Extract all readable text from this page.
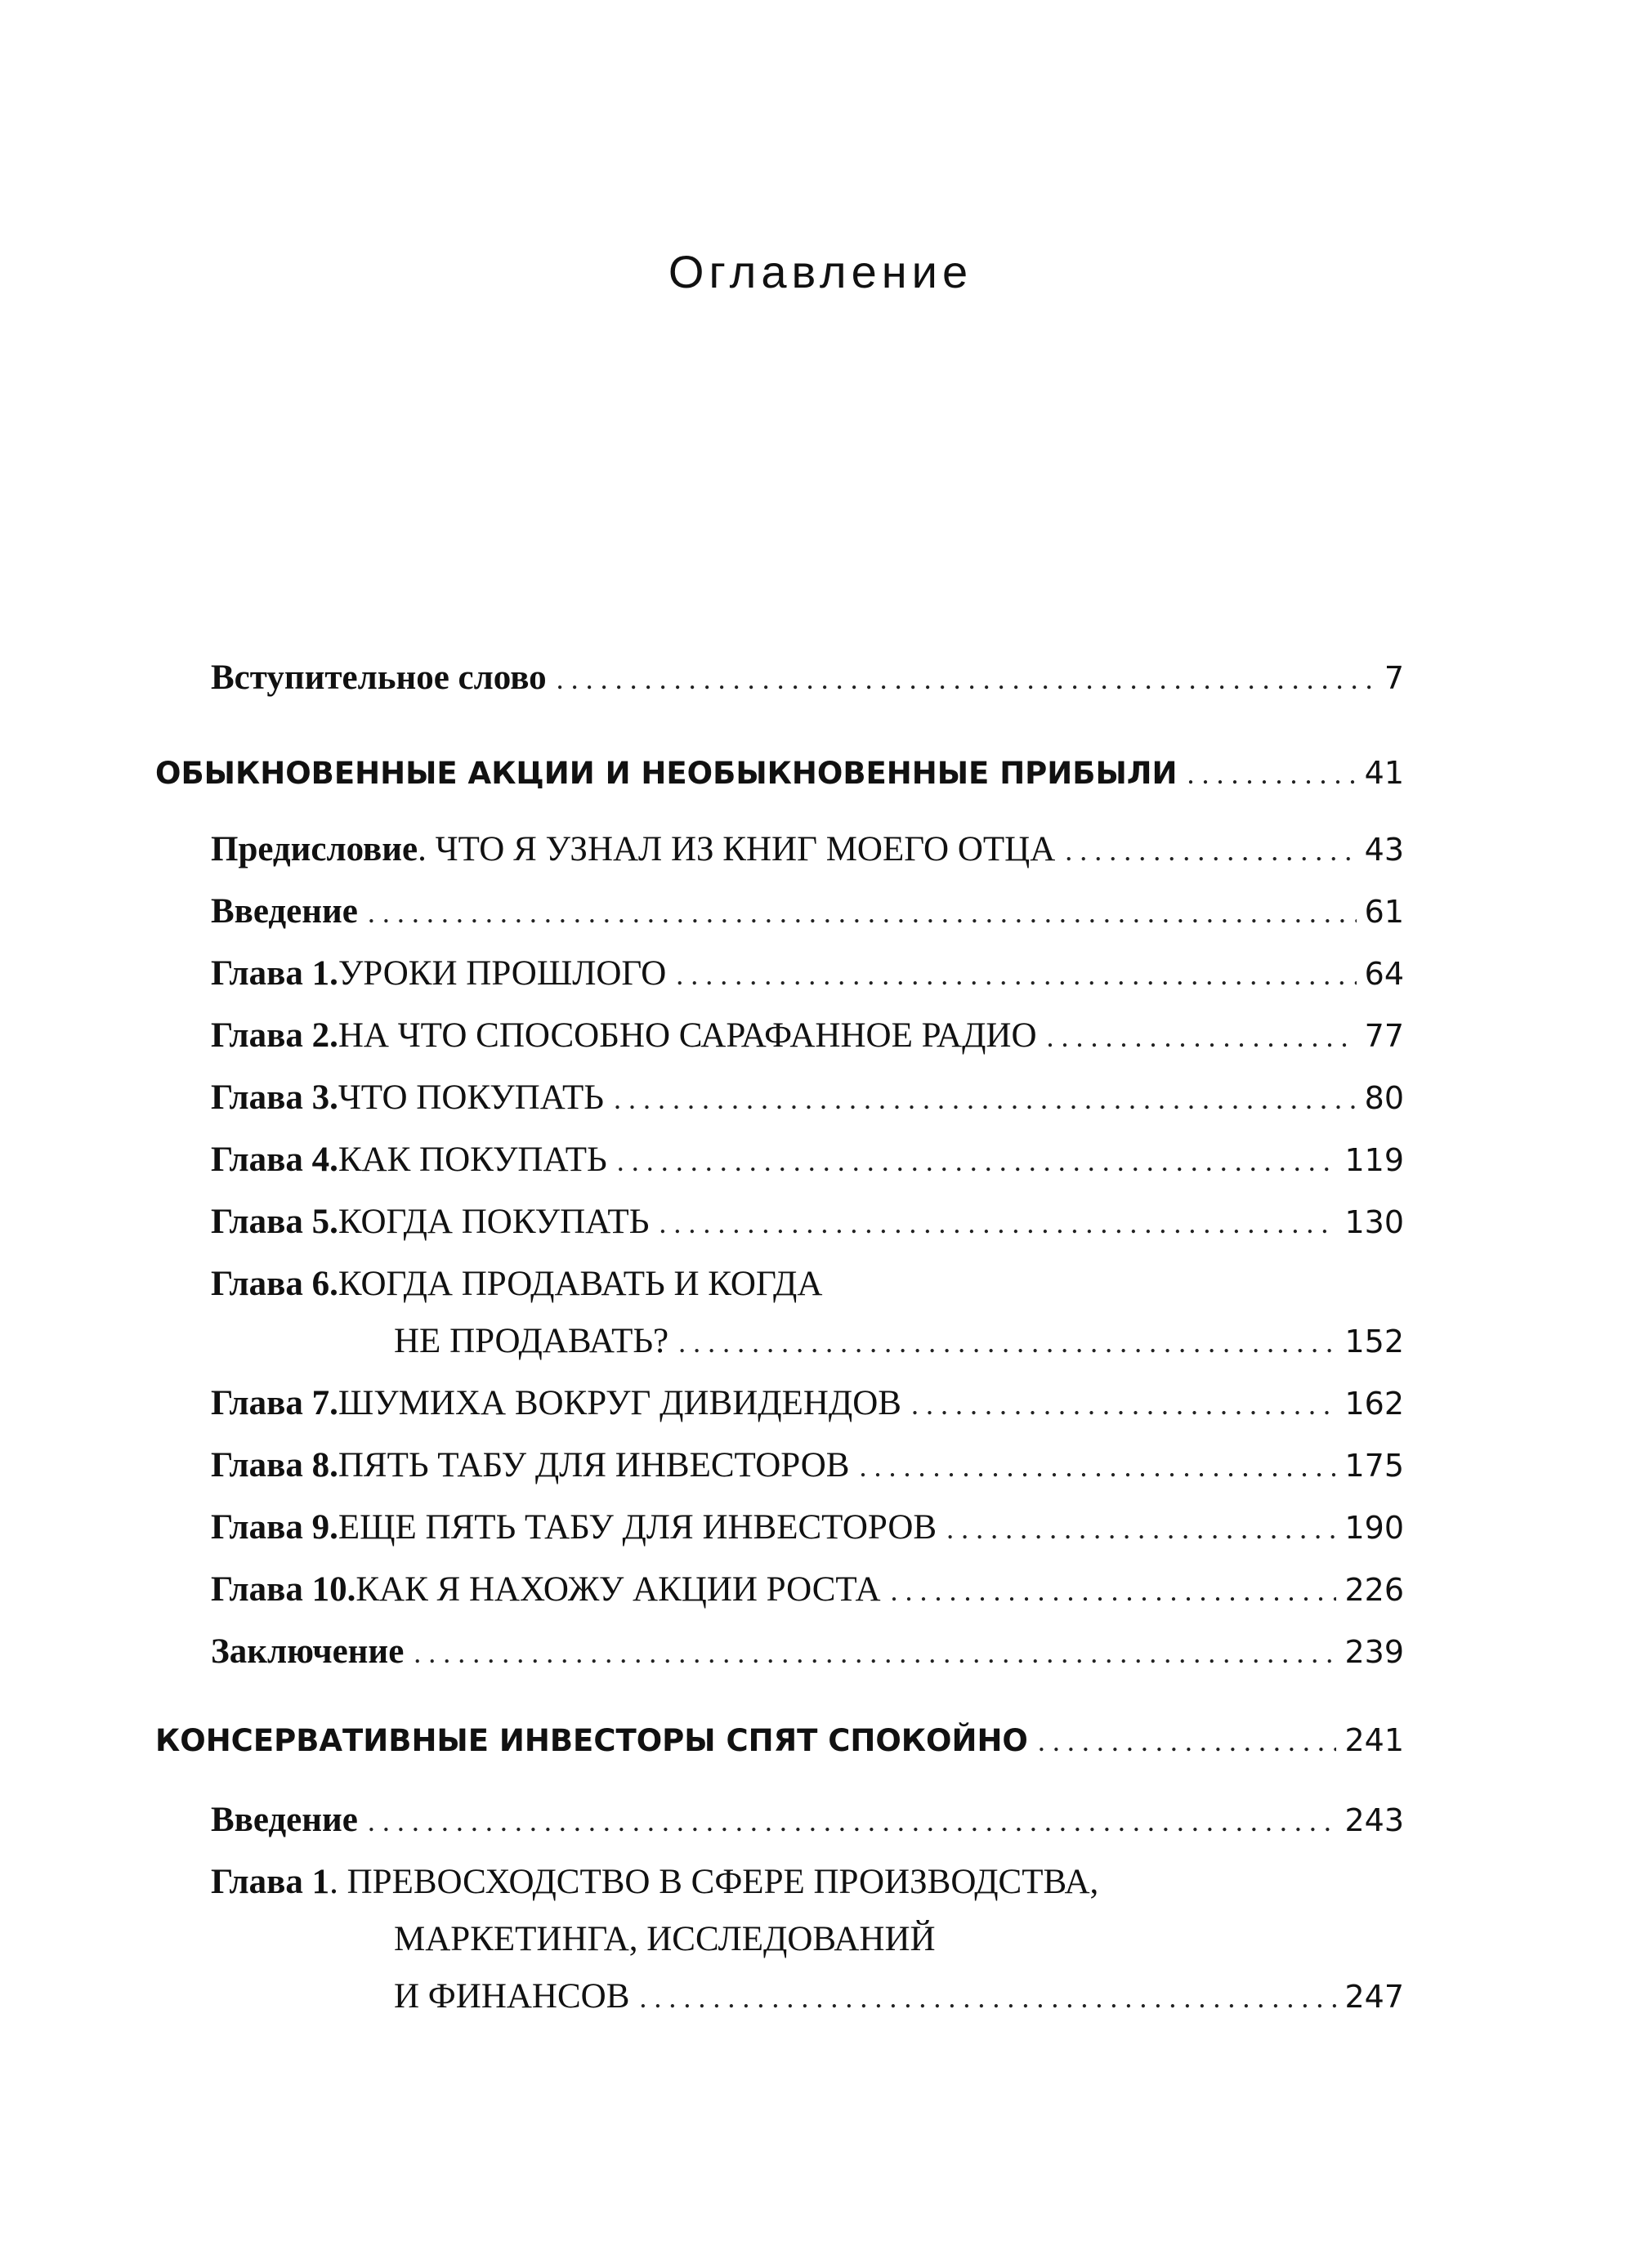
Оглавление
Вступительное слово . . .	7
ОБЫКНОВЕННЫЕ АКЦИИ И НЕОБЫКНОВЕННЫЕ ПРИБЫЛИ . . .	41
Предисловие . ЧТО Я УЗНАЛ ИЗ КНИГ МОЕГО ОТЦА . . .	43
Введение . . .	61
Глава 1. УРОКИ ПРОШЛОГО . . .	64
Глава 2. НА ЧТО СПОСОБНО САРАФАННОЕ РАДИО . . .	77
Глава 3. ЧТО ПОКУПАТЬ . . .	80
Глава 4. КАК ПОКУПАТЬ . . .	119
Глава 5. КОГДА ПОКУПАТЬ . . .	130
Глава 6. КОГДА ПРОДАВАТЬ И КОГДА
НЕ ПРОДАВАТЬ? . . .	152
Глава 7. ШУМИХА ВОКРУГ ДИВИДЕНДОВ . . .	162
Глава 8. ПЯТЬ ТАБУ ДЛЯ ИНВЕСТОРОВ . . .	175
Глава 9. ЕЩЕ ПЯТЬ ТАБУ ДЛЯ ИНВЕСТОРОВ . . .	190
Глава 10. КАК Я НАХОЖУ АКЦИИ РОСТА . . .	226
Заключение . . .	239
КОНСЕРВАТИВНЫЕ ИНВЕСТОРЫ СПЯТ СПОКОЙНО . . .	241
Введение . . .	243
Глава 1 . ПРЕВОСХОДСТВО В СФЕРЕ ПРОИЗВОДСТВА,
МАРКЕТИНГА, ИССЛЕДОВАНИЙ
И ФИНАНСОВ . . .	247
